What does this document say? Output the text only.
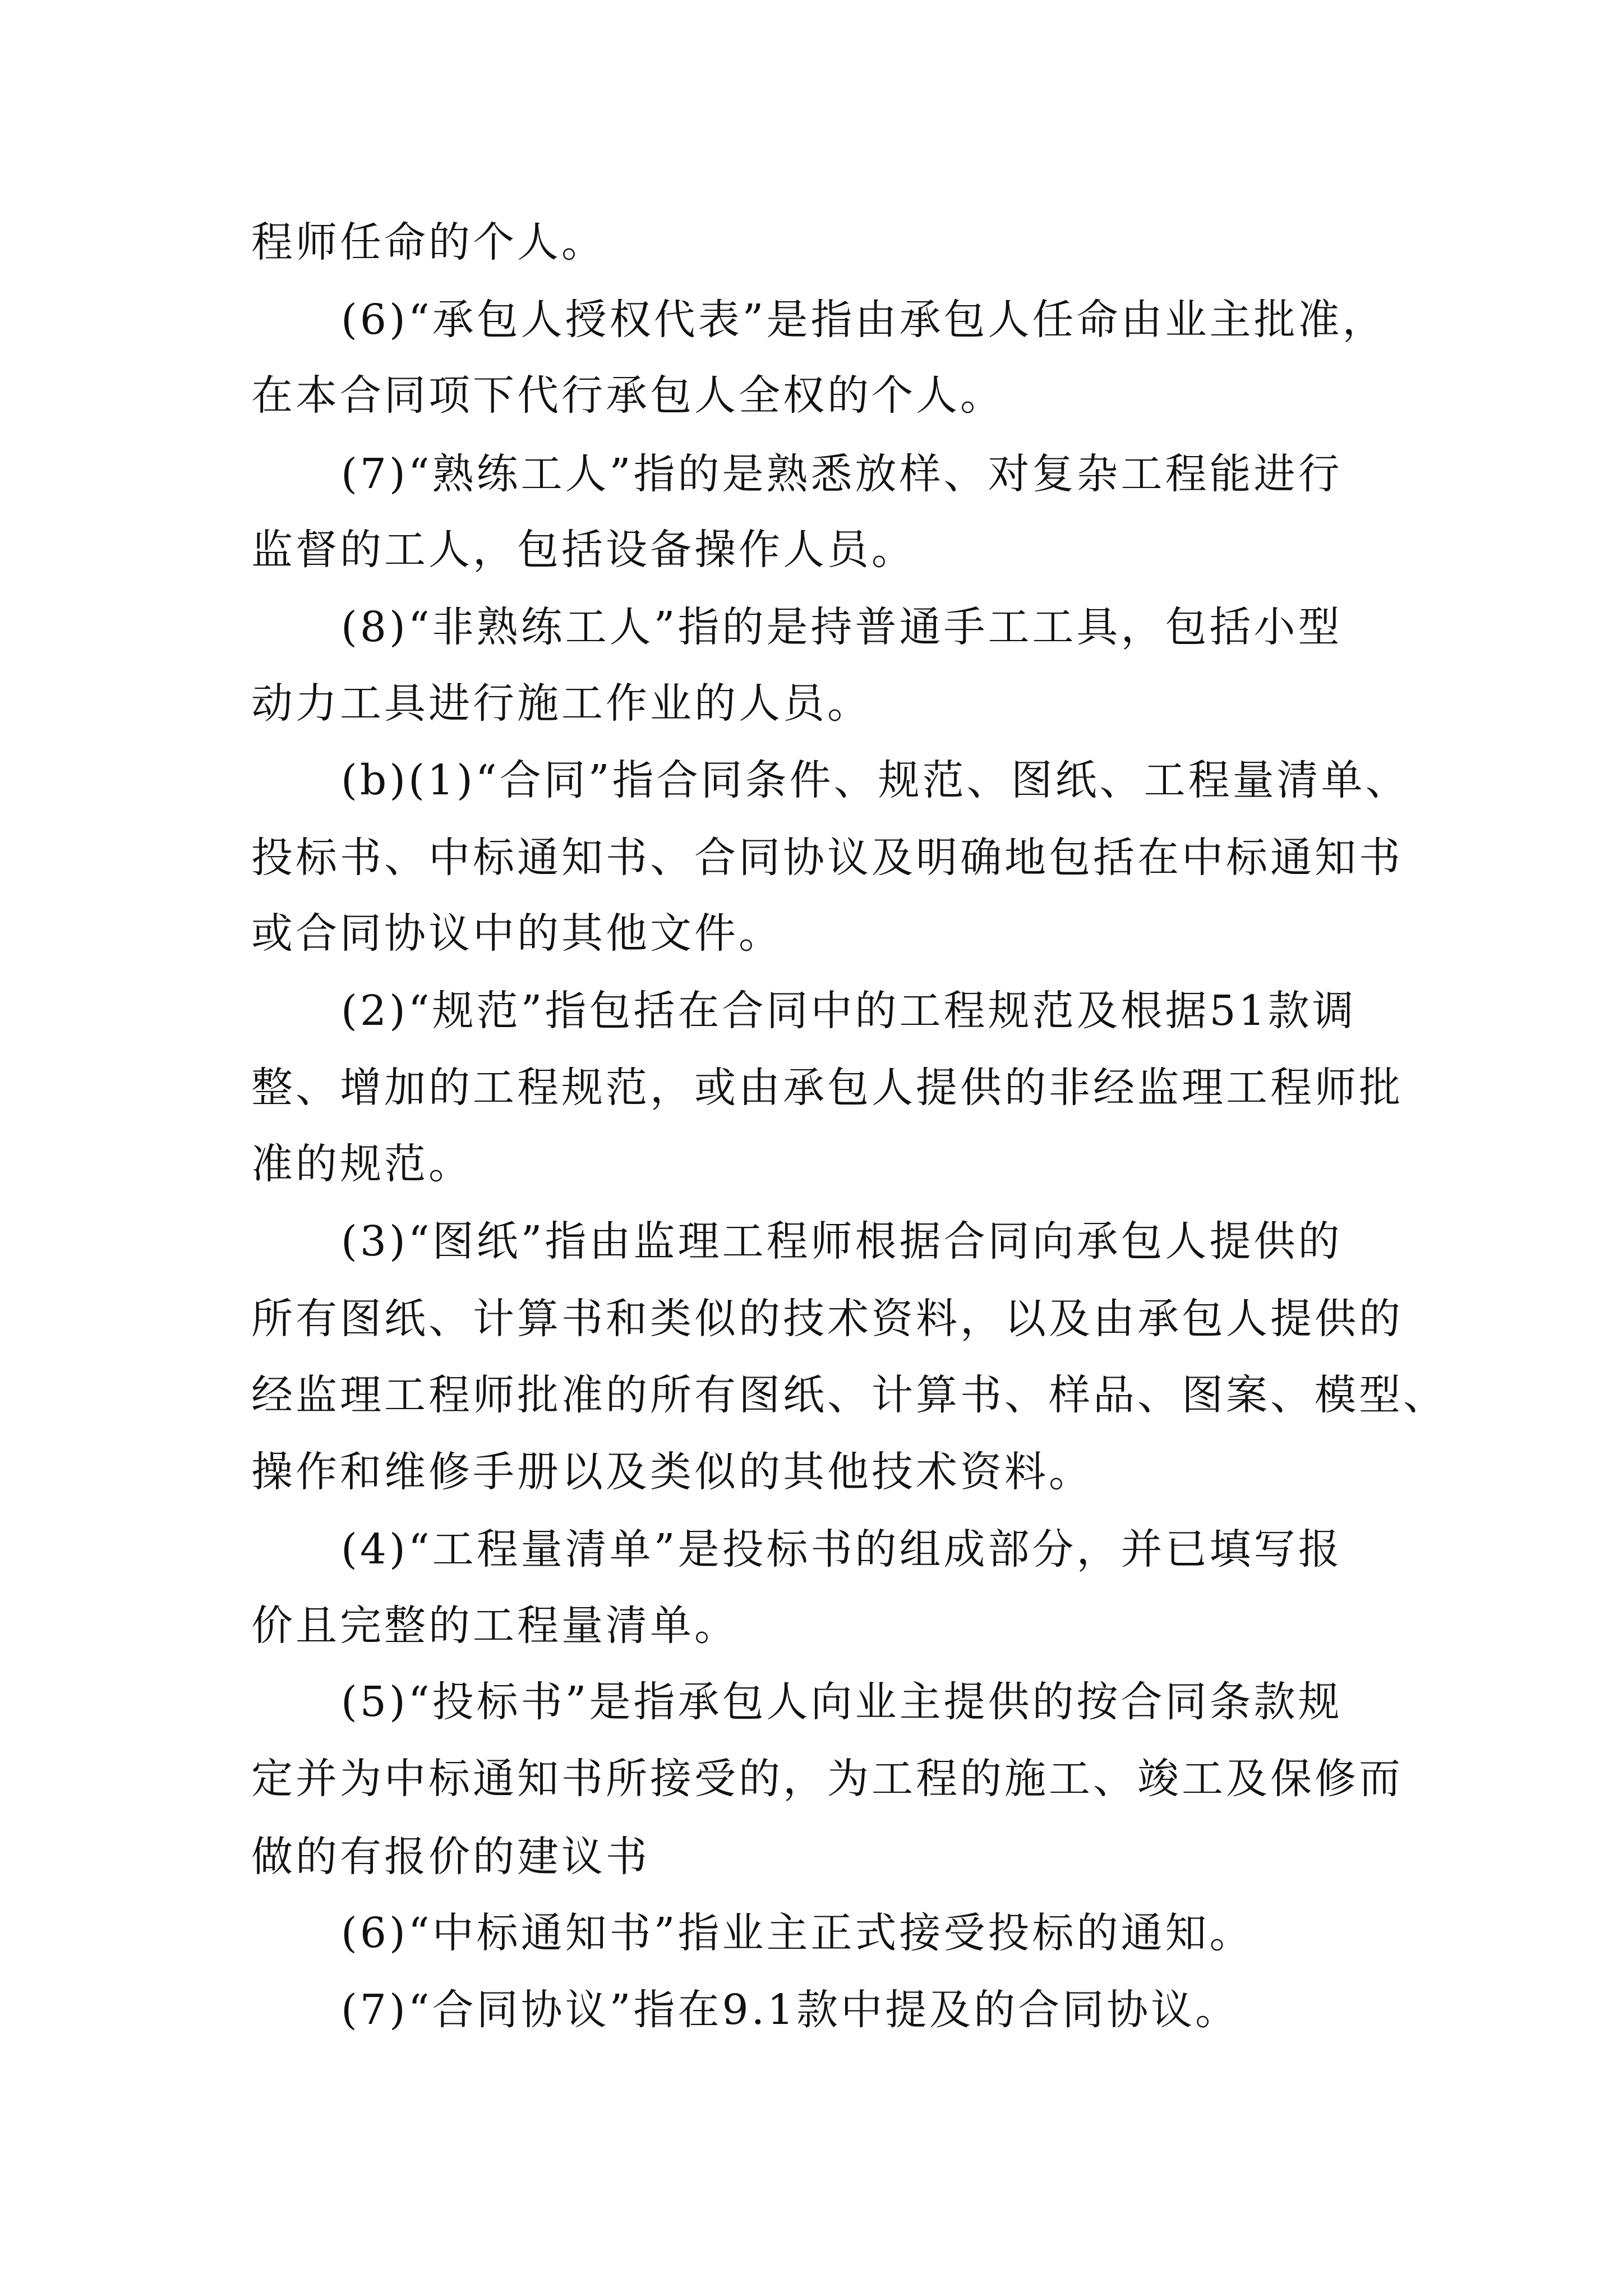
程师任命的个人。
(6)“承包人授权代表”是指由承包人任命由业主批准，
在本合同项下代行承包人全权的个人。
(7)“熟练工人”指的是熟悉放样、对复杂工程能进行
监督的工人，包括设备操作人员。
(8)“非熟练工人”指的是持普通手工工具，包括小型
动力工具进行施工作业的人员。
(b)(1)“合同”指合同条件、规范、图纸、工程量清单、
投标书、中标通知书、合同协议及明确地包括在中标通知书
或合同协议中的其他文件。
(2)“规范”指包括在合同中的工程规范及根据51款调
整、增加的工程规范，或由承包人提供的非经监理工程师批
准的规范。
(3)“图纸”指由监理工程师根据合同向承包人提供的
所有图纸、计算书和类似的技术资料，以及由承包人提供的
经监理工程师批准的所有图纸、计算书、样品、图案、模型、
操作和维修手册以及类似的其他技术资料。
(4)“工程量清单”是投标书的组成部分，并已填写报
价且完整的工程量清单。
(5)“投标书”是指承包人向业主提供的按合同条款规
定并为中标通知书所接受的，为工程的施工、竣工及保修而
做的有报价的建议书
(6)“中标通知书”指业主正式接受投标的通知。
(7)“合同协议”指在9.1款中提及的合同协议。
